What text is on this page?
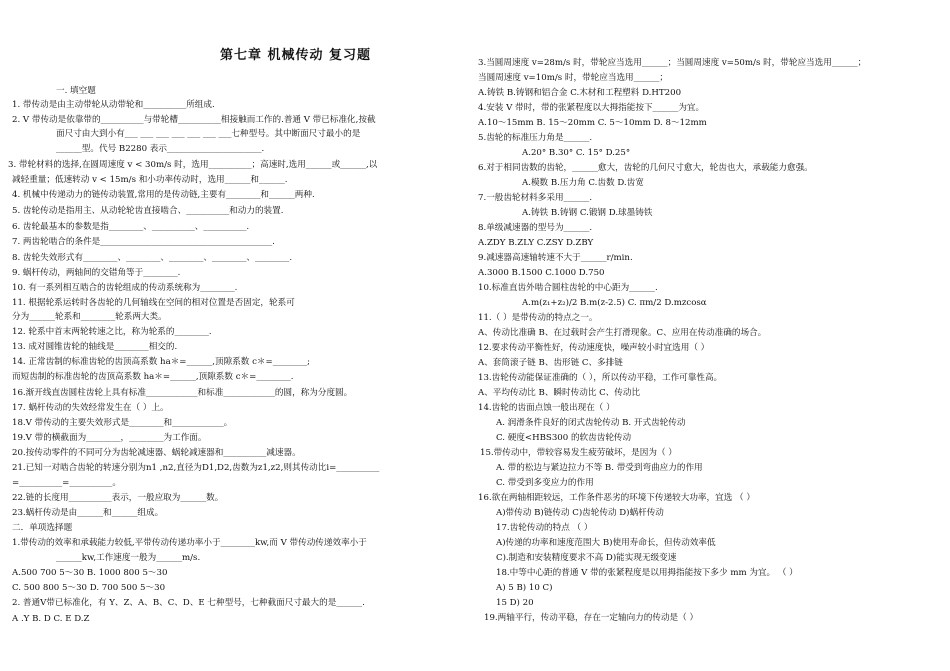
第七章 机械传动 复习题
一. 填空题
1. 带传动是由主动带轮从动带轮和__________所组成.
2. V 带传动是依靠带的__________与带轮槽__________相接触而工作的.普通 V 带已标准化,按截
面尺寸由大到小有___ ___ ___ ___ ___ ___ ___七种型号。其中断面尺寸最小的是
______型。代号 B2280 表示______________________.
3. 带轮材料的选择,在圆周速度 v < 30m/s 时，选用__________；高速时,选用______或______,以
减轻重量；低速转动 v < 15m/s 和小功率传动时，选用______和______.
4. 机械中传递动力的链传动装置,常用的是传动链,主要有________和______两种.
5. 齿轮传动是指用主、从动轮轮齿直接啮合、__________和动力的装置.
6. 齿轮最基本的参数是指________、__________、__________.
7. 两齿轮啮合的条件是________________________________________.
8. 齿轮失效形式有________、________、________、________、________.
9. 蜗杆传动，两轴间的交错角等于________.
10. 有一系列相互啮合的齿轮组成的传动系统称为________.
11. 根据轮系运转时各齿轮的几何轴线在空间的相对位置是否固定，轮系可
分为______轮系和________轮系两大类。
12. 轮系中首末两轮转速之比，称为轮系的________.
13. 成对圆锥齿轮的轴线是________相交的.
14. 正常齿制的标准齿轮的齿顶高系数 ha＊=______,顶隙系数 c＊=________;
而短齿制的标准齿轮的齿顶高系数 ha＊=______,顶隙系数 c＊=________.
16.渐开线直齿圆柱齿轮上具有标准____________和标准____________的圆，称为分度圆。
17. 蜗杆传动的失效经常发生在（ ）上。
18.V 带传动的主要失效形式是________和____________。
19.V 带的横截面为________，________为工作面。
20.按传动零件的不同可分为齿轮减速器、蜗轮减速器和__________减速器。
21.已知一对啮合齿轮的转速分别为n1 ,n2,直径为D1,D2,齿数为z1,z2,则其传动比i=__________
=__________=__________。
22.链的长度用__________表示，一般应取为______数。
23.蜗杆传动是由______和______组成。
二．单项选择题
1.带传动的效率和承载能力较低,平带传动传递功率小于________kw,而 V 带传动传递效率小于
______kw,工作速度一般为______m/s.
A.500 700 5～30 B. 1000 800 5～30
C. 500 800 5～30 D. 700 500 5～30
2. 普通V带已标准化，有 Y、Z、A、B、C、D、E 七种型号，七种截面尺寸最大的是______.
A .Y B. D C. E D.Z
3.当圆周速度 v=28m/s 时，带轮应当选用______；当圆周速度 v=50m/s 时，带轮应当选用______；
当圆周速度 v=10m/s 时，带轮应当选用______；
A.铸铁 B.铸钢和铝合金 C.木材和工程塑料 D.HT200
4.安装 V 带时，带的张紧程度以大拇指能按下______为宜。
A.10～15mm B. 15～20mm C. 5～10mm D. 8～12mm
5.齿轮的标准压力角是______.
A.20° B.30° C. 15° D.25°
6.对于相同齿数的齿轮，______愈大，齿轮的几何尺寸愈大，轮齿也大，承载能力愈强。
A.模数 B.压力角 C.齿数 D.齿宽
7.一般齿轮材料多采用______.
A.铸铁 B.铸钢 C.锻钢 D.球墨铸铁
8.单级减速器的型号为______.
A.ZDY B.ZLY C.ZSY D.ZBY
9.减速器高速轴转速不大于______r/min.
A.3000 B.1500 C.1000 D.750
10.标准直齿外啮合圆柱齿轮的中心距为______.
A.m(z₁+z₂)/2 B.m(z-2.5) C. πm/2 D.mzcosα
11.（ ）是带传动的特点之一。
A、传动比准确 B、在过载时会产生打滑现象。C、应用在传动准确的场合。
12.要求传动平衡性好，传动速度快，噪声较小时宜选用（ ）
A、套筒滚子链 B、齿形链 C、多排链
13.齿轮传动能保证准确的（ ），所以传动平稳，工作可靠性高。
A、平均传动比 B、瞬时传动比 C、传动比
14.齿轮的齿面点蚀一般出现在（ ）
A. 润滑条件良好的闭式齿轮传动 B. 开式齿轮传动
C. 硬度<HBS300 的软齿齿轮传动
15.带传动中，带较容易发生疲劳破坏，是因为（ ）
A. 带的松边与紧边拉力不等 B. 带受到弯曲应力的作用
C. 带受到多变应力的作用
16.欲在两轴相距较远，工作条件恶劣的环境下传递较大功率，宜选 （ ）
A)带传动 B)链传动 C)齿轮传动 D)蜗杆传动
17.齿轮传动的特点 （ ）
A)传递的功率和速度范围大 B)使用寿命长，但传动效率低
C).制造和安装精度要求不高 D)能实现无级变速
18.中等中心距的普通 V 带的张紧程度是以用拇指能按下多少 mm 为宜。 （ ）
A) 5 B) 10 C)
15 D) 20
19.两轴平行，传动平稳，存在一定轴向力的传动是（ ）
